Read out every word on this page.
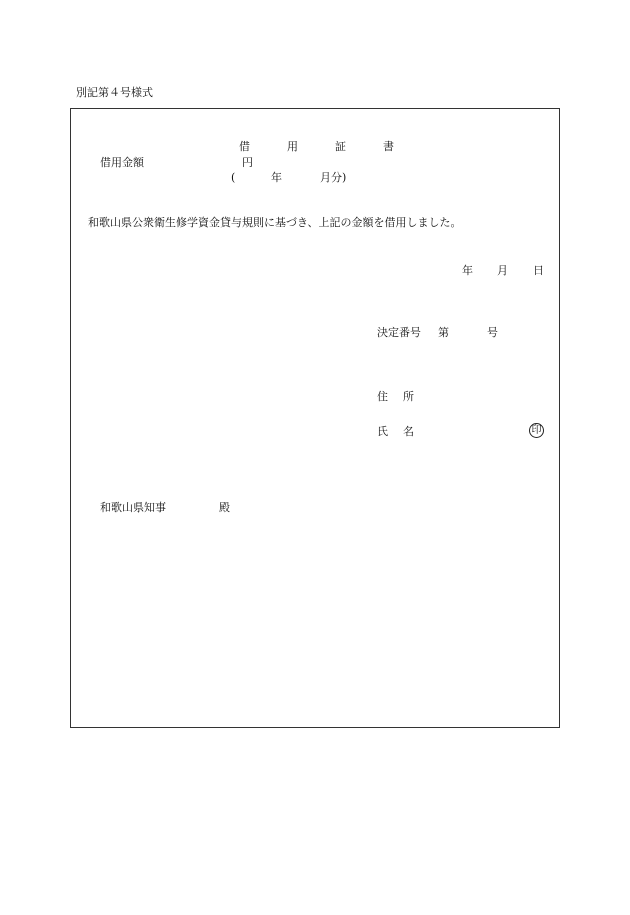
別記第４号様式
借	用	証	書
借用金額	円
(	年	月分)
和歌山県公衆衛生修学資金貸与規則に基づき、上記の金額を借用しました。
年 月 日
決定番号 第	号
住 所
氏 名	印
和歌山県知事	殿
